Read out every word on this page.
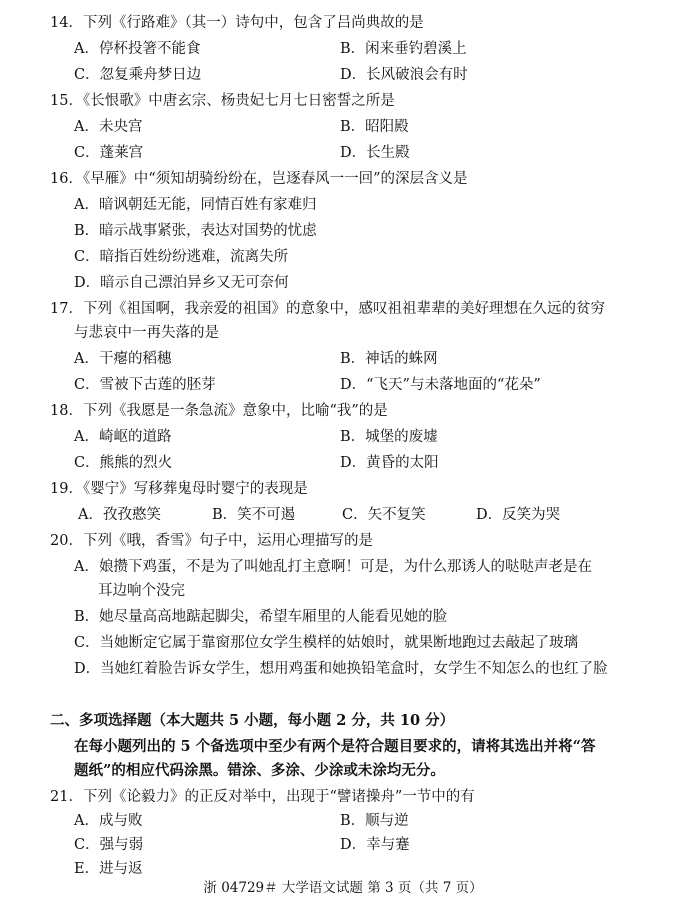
14．下列《行路难》（其一）诗句中，包含了吕尚典故的是
A．停杯投箸不能食	B．闲来垂钓碧溪上
C．忽复乘舟梦日边	D．长风破浪会有时
15．《长恨歌》中唐玄宗、杨贵妃七月七日密誓之所是
A．未央宫	B．昭阳殿
C．蓬莱宫	D．长生殿
16．《早雁》中“须知胡骑纷纷在，岂逐春风一一回”的深层含义是
A．暗讽朝廷无能，同情百姓有家难归
B．暗示战事紧张，表达对国势的忧虑
C．暗指百姓纷纷逃难，流离失所
D．暗示自己漂泊异乡又无可奈何
17．下列《祖国啊，我亲爱的祖国》的意象中，感叹祖祖辈辈的美好理想在久远的贫穷
与悲哀中一再失落的是
A．干瘪的稻穗	B．神话的蛛网
C．雪被下古莲的胚芽	D．“飞天”与未落地面的“花朵”
18．下列《我愿是一条急流》意象中，比喻“我”的是
A．崎岖的道路	B．城堡的废墟
C．熊熊的烈火	D．黄昏的太阳
19．《婴宁》写移葬鬼母时婴宁的表现是
A．孜孜憨笑	B．笑不可遏	C．矢不复笑	D．反笑为哭
20．下列《哦，香雪》句子中，运用心理描写的是
A．娘攒下鸡蛋，不是为了叫她乱打主意啊！可是，为什么那诱人的哒哒声老是在
耳边响个没完
B．她尽量高高地踮起脚尖，希望车厢里的人能看见她的脸
C．当她断定它属于靠窗那位女学生模样的姑娘时，就果断地跑过去敲起了玻璃
D．当她红着脸告诉女学生，想用鸡蛋和她换铅笔盒时，女学生不知怎么的也红了脸
二、多项选择题（本大题共 5 小题，每小题 2 分，共 10 分）
在每小题列出的 5 个备选项中至少有两个是符合题目要求的，请将其选出并将“答
题纸”的相应代码涂黑。错涂、多涂、少涂或未涂均无分。
21．下列《论毅力》的正反对举中，出现于“譬诸操舟”一节中的有
A．成与败	B．顺与逆
C．强与弱	D．幸与蹇
E．进与返
浙 04729＃ 大学语文试题 第 3 页（共 7 页）
